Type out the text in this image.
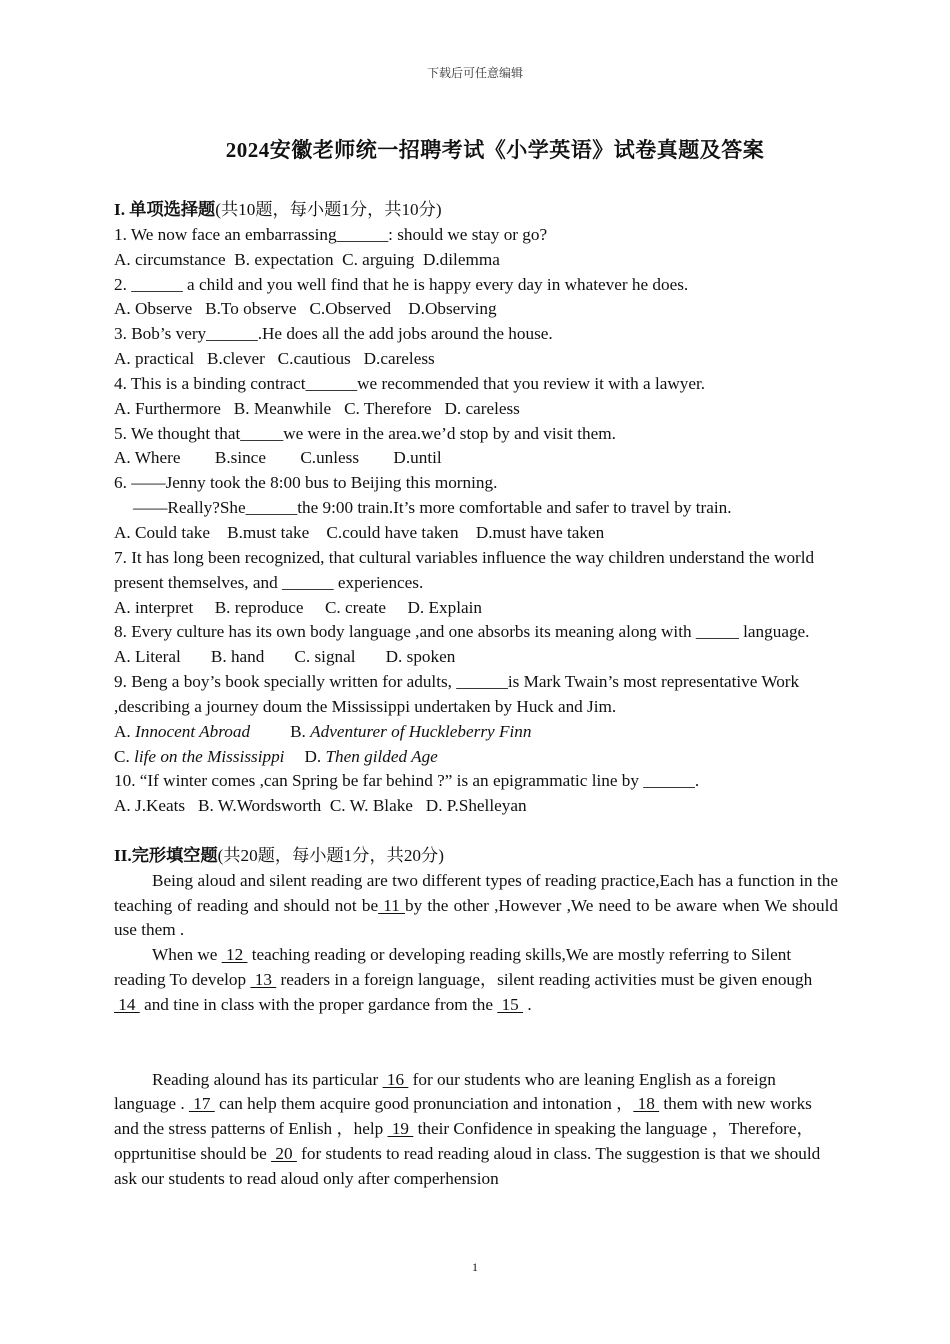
下载后可任意编辑
2024安徽老师统一招聘考试《小学英语》试卷真题及答案

I. 单项选择题(共10题，每小题1分，共10分)

1. We now face an embarrassing______: should we stay or go?

A. circumstance  B. expectation  C. arguing  D.dilemma

2. ______ a child and you well find that he is happy every day in whatever he does.

A. Observe   B.To observe   C.Observed    D.Observing

3. Bob’s very______.He does all the add jobs around the house.

A. practical   B.clever   C.cautious   D.careless

4. This is a binding contract______we recommended that you review it with a lawyer.

A. Furthermore   B. Meanwhile   C. Therefore   D. careless

5. We thought that_____we were in the area.we’d stop by and visit them.

A. Where        B.since        C.unless        D.until

6. ——Jenny took the 8:00 bus to Beijing this morning.

——Really?She______the 9:00 train.It’s more comfortable and safer to travel by train.

A. Could take    B.must take    C.could have taken    D.must have taken

7. It has long been recognized, that cultural variables influence the way children understand the world present themselves, and ______ experiences.

A. interpret     B. reproduce     C. create     D. Explain

8. Every culture has its own body language ,and one absorbs its meaning along with _____ language.

A. Literal       B. hand       C. signal       D. spoken

9. Beng a boy’s book specially written for adults, ______is Mark Twain’s most representative Work ,describing a journey doum the Mississippi undertaken by Huck and Jim.

A. Innocent Abroad B. Adventurer of Huckleberry Finn

C. life on the Mississippi D. Then gilded Age

10. “If winter comes ,can Spring be far behind ?” is an epigrammatic line by ______.

A. J.Keats   B. W.Wordsworth  C. W. Blake   D. P.Shelleyan

II.完形填空题(共20题，每小题1分，共20分)

Being aloud and silent reading are two different types of reading practice,Each has a function in the teaching of reading and should not be 11 by the other ,However ,We need to be aware when We should use them .

When we  12  teaching reading or developing reading skills,We are mostly referring to Silent reading To develop  13  readers in a foreign language，silent reading activities must be given enough  14  and tine in class with the proper gardance from the  15  .

Reading alound has its particular  16  for our students who are leaning English as a foreign language .  17  can help them acquire good pronunciation and intonation ， 18  them with new works and the stress patterns of Enlish ，help  19  their Confidence in speaking the language ，Therefore，opprtunitise should be  20  for students to read reading aloud in class. The suggestion is that we should ask our students to read aloud only after comperhension

1
